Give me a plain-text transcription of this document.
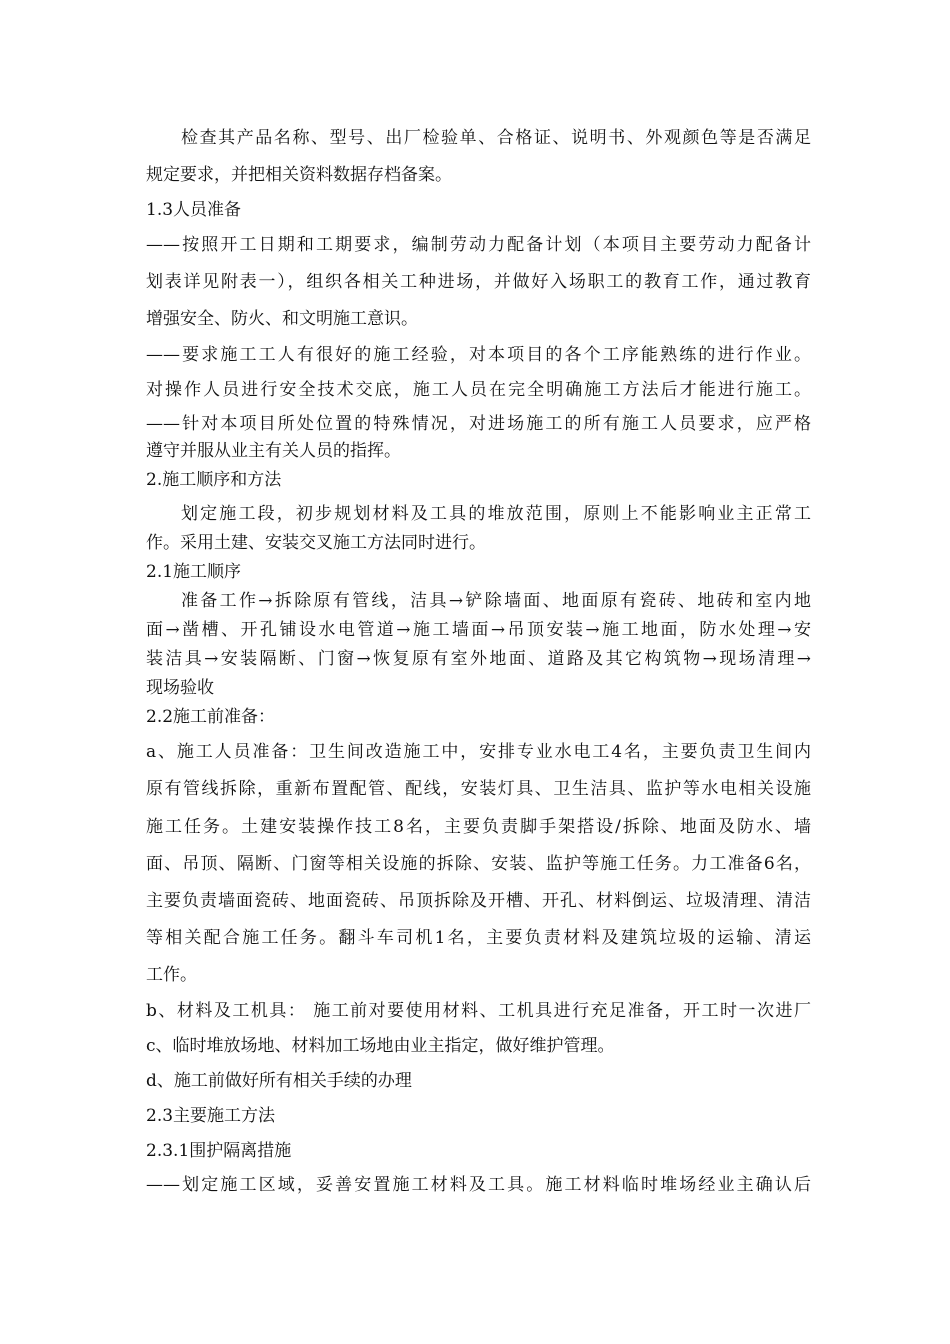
检查其产品名称、型号、出厂检验单、合格证、说明书、外观颜色等是否满足
规定要求，并把相关资料数据存档备案。
1.3人员准备
——按照开工日期和工期要求，编制劳动力配备计划（本项目主要劳动力配备计
划表详见附表一），组织各相关工种进场，并做好入场职工的教育工作，通过教育
增强安全、防火、和文明施工意识。
——要求施工工人有很好的施工经验，对本项目的各个工序能熟练的进行作业。
对操作人员进行安全技术交底，施工人员在完全明确施工方法后才能进行施工。
——针对本项目所处位置的特殊情况，对进场施工的所有施工人员要求，应严格
遵守并服从业主有关人员的指挥。
2.施工顺序和方法
划定施工段，初步规划材料及工具的堆放范围，原则上不能影响业主正常工
作。采用土建、安装交叉施工方法同时进行。
2.1施工顺序
准备工作→拆除原有管线，洁具→铲除墙面、地面原有瓷砖、地砖和室内地
面→凿槽、开孔铺设水电管道→施工墙面→吊顶安装→施工地面，防水处理→安
装洁具→安装隔断、门窗→恢复原有室外地面、道路及其它构筑物→现场清理→
现场验收
2.2施工前准备：
a、施工人员准备：卫生间改造施工中，安排专业水电工4名，主要负责卫生间内
原有管线拆除，重新布置配管、配线，安装灯具、卫生洁具、监护等水电相关设施
施工任务。土建安装操作技工8名，主要负责脚手架搭设/拆除、地面及防水、墙
面、吊顶、隔断、门窗等相关设施的拆除、安装、监护等施工任务。力工准备6名，
主要负责墙面瓷砖、地面瓷砖、吊顶拆除及开槽、开孔、材料倒运、垃圾清理、清洁
等相关配合施工任务。翻斗车司机1名，主要负责材料及建筑垃圾的运输、清运
工作。
b、材料及工机具： 施工前对要使用材料、工机具进行充足准备，开工时一次进厂
c、临时堆放场地、材料加工场地由业主指定，做好维护管理。
d、施工前做好所有相关手续的办理
2.3主要施工方法
2.3.1围护隔离措施
——划定施工区域，妥善安置施工材料及工具。施工材料临时堆场经业主确认后
